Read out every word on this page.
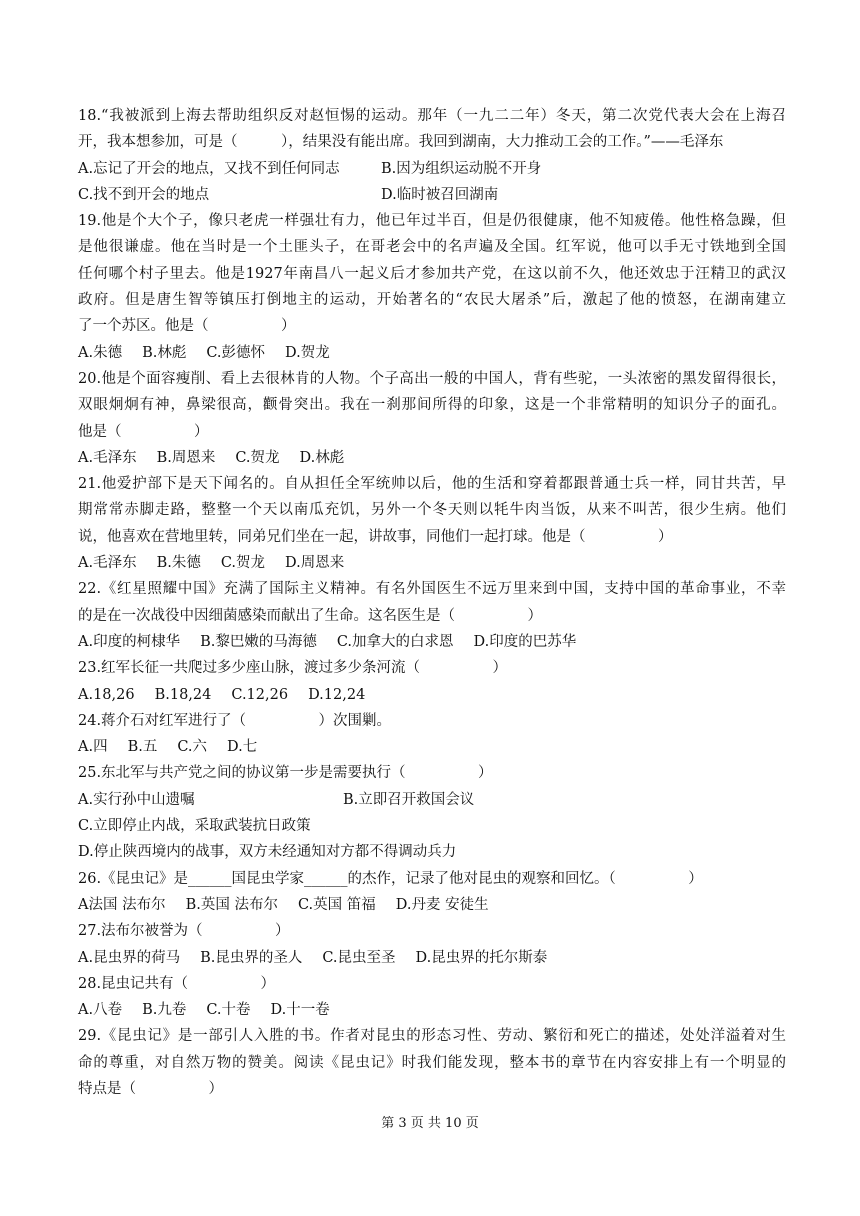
18.“我被派到上海去帮助组织反对赵恒惕的运动。那年（一九二二年）冬天，第二次党代表大会在上海召
开，我本想参加，可是（　　　），结果没有能出席。我回到湖南，大力推动工会的工作。”——毛泽东
A.忘记了开会的地点，又找不到任何同志	B.因为组织运动脱不开身
C.找不到开会的地点	D.临时被召回湖南
19.他是个大个子，像只老虎一样强壮有力，他已年过半百，但是仍很健康，他不知疲倦。他性格急躁，但
是他很谦虚。他在当时是一个土匪头子，在哥老会中的名声遍及全国。红军说，他可以手无寸铁地到全国
任何哪个村子里去。他是1927年南昌八一起义后才参加共产党，在这以前不久，他还效忠于汪精卫的武汉
政府。但是唐生智等镇压打倒地主的运动，开始著名的“农民大屠杀”后，激起了他的愤怒，在湖南建立
了一个苏区。他是（　　　　　）
A.朱德 B.林彪 C.彭德怀 D.贺龙
20.他是个面容瘦削、看上去很林肯的人物。个子高出一般的中国人，背有些驼，一头浓密的黑发留得很长，
双眼炯炯有神，鼻梁很高，颧骨突出。我在一刹那间所得的印象，这是一个非常精明的知识分子的面孔。
他是（　　　　　）
A.毛泽东 B.周恩来 C.贺龙 D.林彪
21.他爱护部下是天下闻名的。自从担任全军统帅以后，他的生活和穿着都跟普通士兵一样，同甘共苦，早
期常常赤脚走路，整整一个天以南瓜充饥，另外一个冬天则以牦牛肉当饭，从来不叫苦，很少生病。他们
说，他喜欢在营地里转，同弟兄们坐在一起，讲故事，同他们一起打球。他是（　　　　　）
A.毛泽东 B.朱德 C.贺龙 D.周恩来
22.《红星照耀中国》充满了国际主义精神。有名外国医生不远万里来到中国，支持中国的革命事业，不幸
的是在一次战役中因细菌感染而献出了生命。这名医生是（　　　　　）
A.印度的柯棣华 B.黎巴嫩的马海德 C.加拿大的白求恩 D.印度的巴苏华
23.红军长征一共爬过多少座山脉，渡过多少条河流（　　　　　）
A.18,26 B.18,24 C.12,26 D.12,24
24.蒋介石对红军进行了（　　　　　）次围剿。
A.四 B.五 C.六 D.七
25.东北军与共产党之间的协议第一步是需要执行（　　　　　）
A.实行孙中山遗嘱	B.立即召开救国会议
C.立即停止内战，采取武装抗日政策
D.停止陕西境内的战事，双方未经通知对方都不得调动兵力
26.《昆虫记》是______国昆虫学家______的杰作，记录了他对昆虫的观察和回忆。（　　　　　）
A法国 法布尔 B.英国 法布尔 C.英国 笛福 D.丹麦 安徒生
27.法布尔被誉为（　　　　　）
A.昆虫界的荷马 B.昆虫界的圣人 C.昆虫至圣 D.昆虫界的托尔斯泰
28.昆虫记共有（　　　　　）
A.八卷 B.九卷 C.十卷 D.十一卷
29.《昆虫记》是一部引人入胜的书。作者对昆虫的形态习性、劳动、繁衍和死亡的描述，处处洋溢着对生
命的尊重，对自然万物的赞美。阅读《昆虫记》时我们能发现，整本书的章节在内容安排上有一个明显的
特点是（　　　　　）
第 3 页 共 10 页
